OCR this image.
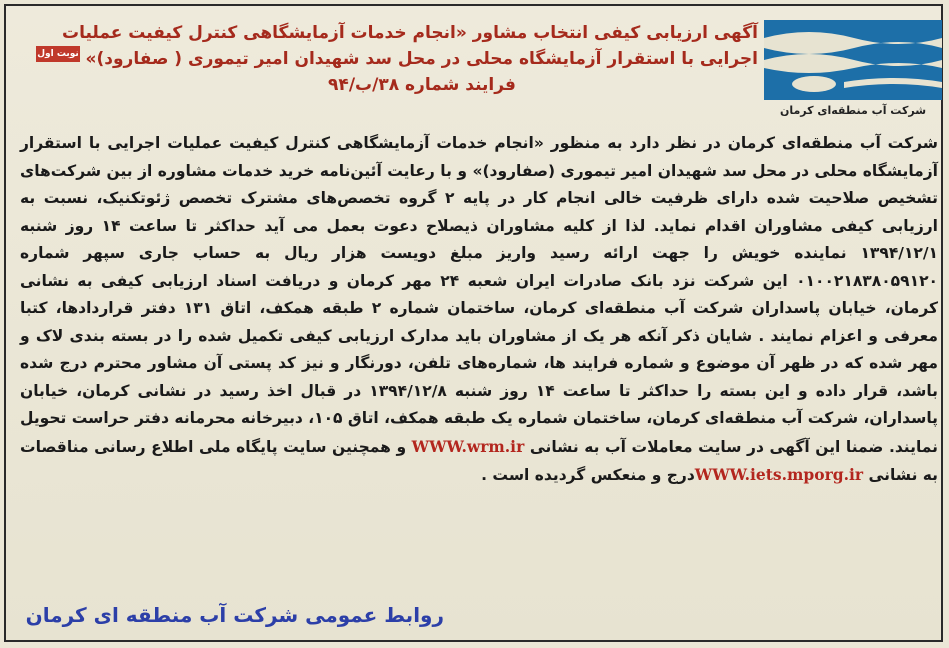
شرکت آب منطقه‌ای کرمان
نوبت اول
آگهی ارزیابی کیفی انتخاب مشاور «انجام خدمات آزمایشگاهی کنترل کیفیت عملیات
اجرایی با استقرار آزمایشگاه محلی در محل سد شهیدان امیر تیموری ( صفارود)»
فرایند شماره ۳۸/ب/۹۴
شرکت آب منطقه‌ای کرمان در نظر دارد به منظور «انجام خدمات آزمایشگاهی کنترل کیفیت عملیات اجرایی با استقرار آزمایشگاه محلی در محل سد شهیدان امیر تیموری (صفارود)» و با رعایت آئین‌نامه خرید خدمات مشاوره از بین شرکت‌های تشخیص صلاحیت شده دارای ظرفیت خالی انجام کار در پایه ۲ گروه تخصص‌های مشترک تخصص ژئوتکنیک، نسبت به ارزیابی کیفی مشاوران اقدام نماید. لذا از کلیه مشاوران ذیصلاح دعوت بعمل می آید حداکثر تا ساعت ۱۴ روز شنبه ۱۳۹۴/۱۲/۱ نماینده خویش را جهت ارائه رسید واریز مبلغ دویست هزار ریال به حساب جاری سپهر شماره ۰۱۰۰۲۱۸۳۸۰۵۹۱۲۰ این شرکت نزد بانک صادرات ایران شعبه ۲۴ مهر کرمان و دریافت اسناد ارزیابی کیفی به نشانی کرمان، خیابان پاسداران شرکت آب منطقه‌ای کرمان، ساختمان شماره ۲ طبقه همکف، اتاق ۱۳۱ دفتر قراردادها، کتبا معرفی و اعزام نمایند . شایان ذکر آنکه هر یک از مشاوران باید مدارک ارزیابی کیفی تکمیل شده را در بسته بندی لاک و مهر شده که در ظهر آن موضوع و شماره فرایند ها، شماره‌های تلفن، دورنگار و نیز کد پستی آن مشاور محترم درج شده باشد، قرار داده و این بسته را حداکثر تا ساعت ۱۴ روز شنبه ۱۳۹۴/۱۲/۸ در قبال اخذ رسید در نشانی کرمان، خیابان پاسداران، شرکت آب منطقه‌ای کرمان، ساختمان شماره یک طبقه همکف، اتاق ۱۰۵، دبیرخانه محرمانه دفتر حراست تحویل نمایند. ضمنا این آگهی در سایت معاملات آب به نشانی WWW.wrm.ir و همچنین سایت پایگاه ملی اطلاع رسانی مناقصات به نشانی WWW.iets.mporg.irدرج و منعکس گردیده است .
روابط عمومی شرکت آب منطقه ای کرمان
